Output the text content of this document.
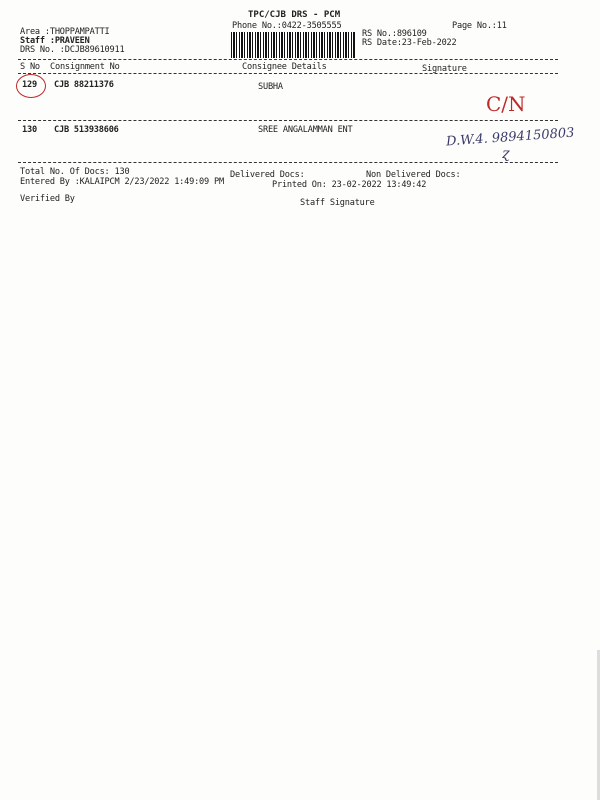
TPC/CJB DRS - PCM
Phone No.:0422-3505555	Page No.:11
Area :THOPPAMPATTI
Staff :PRAVEEN
DRS No. :DCJB89610911
RS No.:896109
RS Date:23-Feb-2022
S No Consignment No	Consignee Details	Signature
129 CJB 88211376	SUBHA
C/N
130 CJB 513938606	SREE ANGALAMMAN ENT	D.W.4. 9894150803
ɀ
Total No. Of Docs: 130	Delivered Docs:	Non Delivered Docs:
Entered By :KALAIPCM 2/23/2022 1:49:09 PM	Printed On: 23-02-2022 13:49:42
Verified By	Staff Signature
